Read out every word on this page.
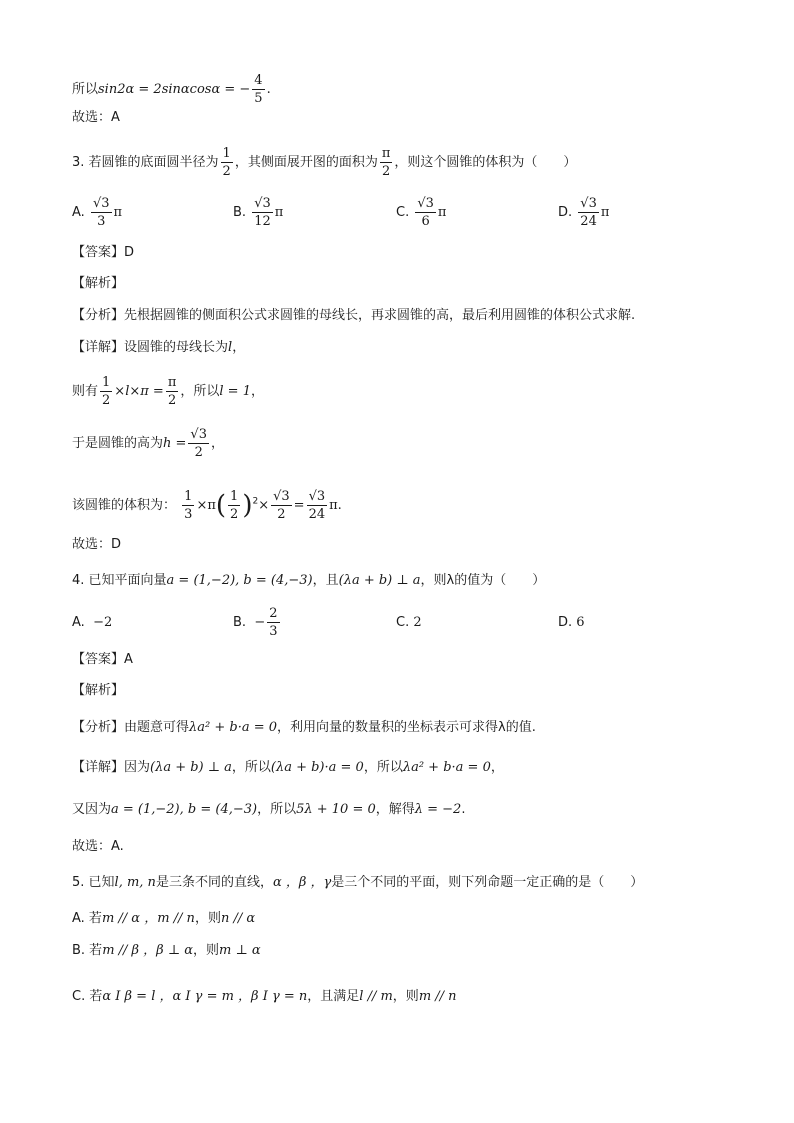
所以sin2α = 2sinαcosα = − $\frac{4}{5}$ .
故选：A
3. 若圆锥的底面圆半径为 $\frac{1}{2}$ ，其侧面展开图的面积为 $\frac{\pi}{2}$ ，则这个圆锥的体积为（　　）
A. $\frac{√3}{3}$ π	B. $\frac{√3}{12}$ π	C. $\frac{√3}{6}$ π	D. $\frac{√3}{24}$ π
【答案】D
【解析】
【分析】先根据圆锥的侧面积公式求圆锥的母线长，再求圆锥的高，最后利用圆锥的体积公式求解.
【详解】设圆锥的母线长为l，
则有 $\frac{1}{2} \times l\times\pi = \frac{\pi}{2}$ ，所以l = 1，
于是圆锥的高为$h = \frac{√3}{2}$ ，
该圆锥的体积为： $\frac{1}{3} \times\pi( \frac{1}{2} )^2\times \frac{√3}{2} = \frac{√3}{24} \pi$.
故选：D
4. 已知平面向量a = (1,−2), b = (4,−3)，且(λa + b) ⊥ a，则λ的值为（　　）
A. −2	B. − $\frac{2}{3}$	C. 2	D. 6
【答案】A
【解析】
【分析】由题意可得λa² + b·a = 0，利用向量的数量积的坐标表示可求得λ的值.
【详解】因为(λa + b) ⊥ a，所以(λa + b)·a = 0，所以λa² + b·a = 0，
又因为a = (1,−2), b = (4,−3)，所以5λ + 10 = 0，解得λ = −2.
故选：A.
5. 已知l, m, n是三条不同的直线，α ，β ，γ是三个不同的平面，则下列命题一定正确的是（　　）
A. 若m // α ，m // n，则n // α
B. 若m // β ，β ⊥ α，则m ⊥ α
C. 若α I β = l ，α I γ = m ，β I γ = n，且满足l // m，则m // n
